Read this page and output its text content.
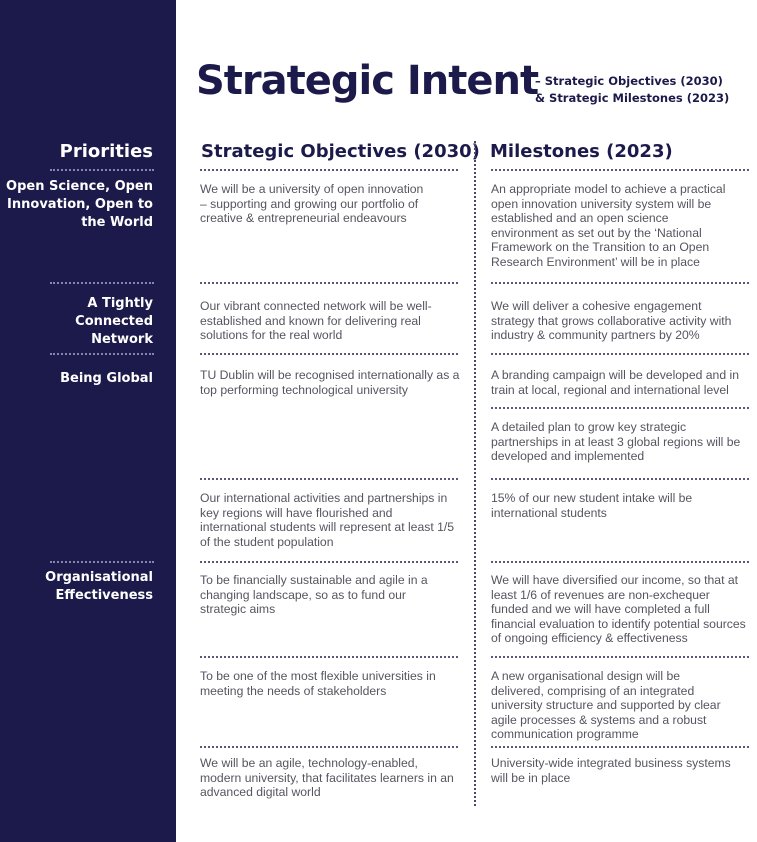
Strategic Intent
– Strategic Objectives (2030)
& Strategic Milestones (2023)
Priorities	Strategic Objectives (2030) Milestones (2023)
Open Science, Open Innovation, Open to the World
A Tightly Connected Network
Being Global
Organisational Effectiveness
We will be a university of open innovation – supporting and growing our portfolio of creative & entrepreneurial endeavours
Our vibrant connected network will be well-established and known for delivering real solutions for the real world
TU Dublin will be recognised internationally as a top performing technological university
Our international activities and partnerships in key regions will have flourished and international students will represent at least 1/5 of the student population
To be financially sustainable and agile in a changing landscape, so as to fund our strategic aims
To be one of the most flexible universities in meeting the needs of stakeholders
We will be an agile, technology-enabled, modern university, that facilitates learners in an advanced digital world
An appropriate model to achieve a practical open innovation university system will be established and an open science environment as set out by the ‘National Framework on the Transition to an Open Research Environment’ will be in place
We will deliver a cohesive engagement strategy that grows collaborative activity with industry & community partners by 20%
A branding campaign will be developed and in train at local, regional and international level
A detailed plan to grow key strategic partnerships in at least 3 global regions will be developed and implemented
15% of our new student intake will be international students
We will have diversified our income, so that at least 1/6 of revenues are non-exchequer funded and we will have completed a full financial evaluation to identify potential sources of ongoing efficiency & effectiveness
A new organisational design will be delivered, comprising of an integrated university structure and supported by clear agile processes & systems and a robust communication programme
University-wide integrated business systems will be in place
